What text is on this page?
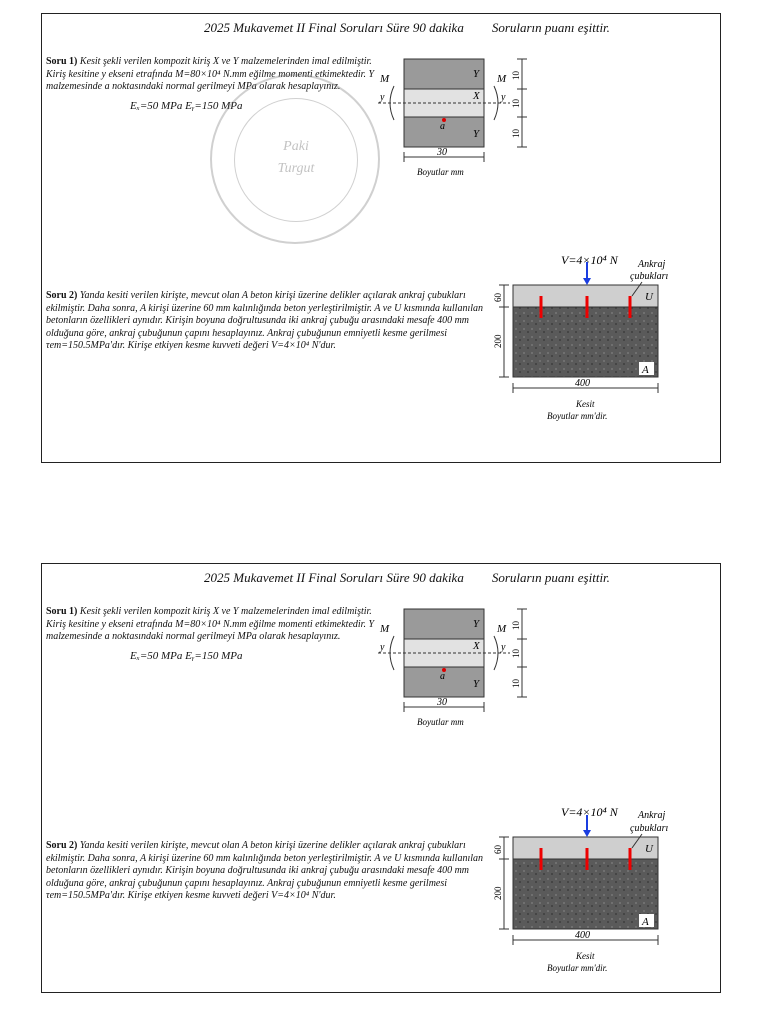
2025 Mukavemet II Final Soruları Süre 90 dakika Soruların puanı eşittir.
Soru 1) Kesit şekli verilen kompozit kiriş X ve Y malzemelerinden imal edilmiştir. Kiriş kesitine y ekseni etrafında M=80×10⁴ N.mm eğilme momenti etkimektedir. Y malzemesinde a noktasındaki normal gerilmeyi MPa olarak hesaplayınız.
Eₓ=50 MPa Eᵧ=150 MPa
Paki
Turgut
M	M
y	y
Y
X
Y
a
10
10
10
30
Boyutlar mm
Soru 2) Yanda kesiti verilen kirişte, mevcut olan A beton kirişi üzerine delikler açılarak ankraj çubukları ekilmiştir. Daha sonra, A kirişi üzerine 60 mm kalınlığında beton yerleştirilmiştir. A ve U kısmında kullanılan betonların özellikleri aynıdır. Kirişin boyuna doğrultusunda iki ankraj çubuğu arasındaki mesafe 400 mm olduğuna göre, ankraj çubuğunun çapını hesaplayınız. Ankraj çubuğunun emniyetli kesme gerilmesi τem=150.5MPa'dır. Kirişe etkiyen kesme kuvveti değeri V=4×10⁴ N'dur.
V=4×10⁴ N Ankraj
çubukları
U
A
60
200
400
Kesit
Boyutlar mm'dir.
2025 Mukavemet II Final Soruları Süre 90 dakika Soruların puanı eşittir.
Soru 1) Kesit şekli verilen kompozit kiriş X ve Y malzemelerinden imal edilmiştir. Kiriş kesitine y ekseni etrafında M=80×10⁴ N.mm eğilme momenti etkimektedir. Y malzemesinde a noktasındaki normal gerilmeyi MPa olarak hesaplayınız.
Eₓ=50 MPa Eᵧ=150 MPa
M	M
y	y
Y
X
Y
a
10
10
10
30
Boyutlar mm
Soru 2) Yanda kesiti verilen kirişte, mevcut olan A beton kirişi üzerine delikler açılarak ankraj çubukları ekilmiştir. Daha sonra, A kirişi üzerine 60 mm kalınlığında beton yerleştirilmiştir. A ve U kısmında kullanılan betonların özellikleri aynıdır. Kirişin boyuna doğrultusunda iki ankraj çubuğu arasındaki mesafe 400 mm olduğuna göre, ankraj çubuğunun çapını hesaplayınız. Ankraj çubuğunun emniyetli kesme gerilmesi τem=150.5MPa'dır. Kirişe etkiyen kesme kuvveti değeri V=4×10⁴ N'dur.
V=4×10⁴ N Ankraj
çubukları
U
A
60
200
400
Kesit
Boyutlar mm'dir.
